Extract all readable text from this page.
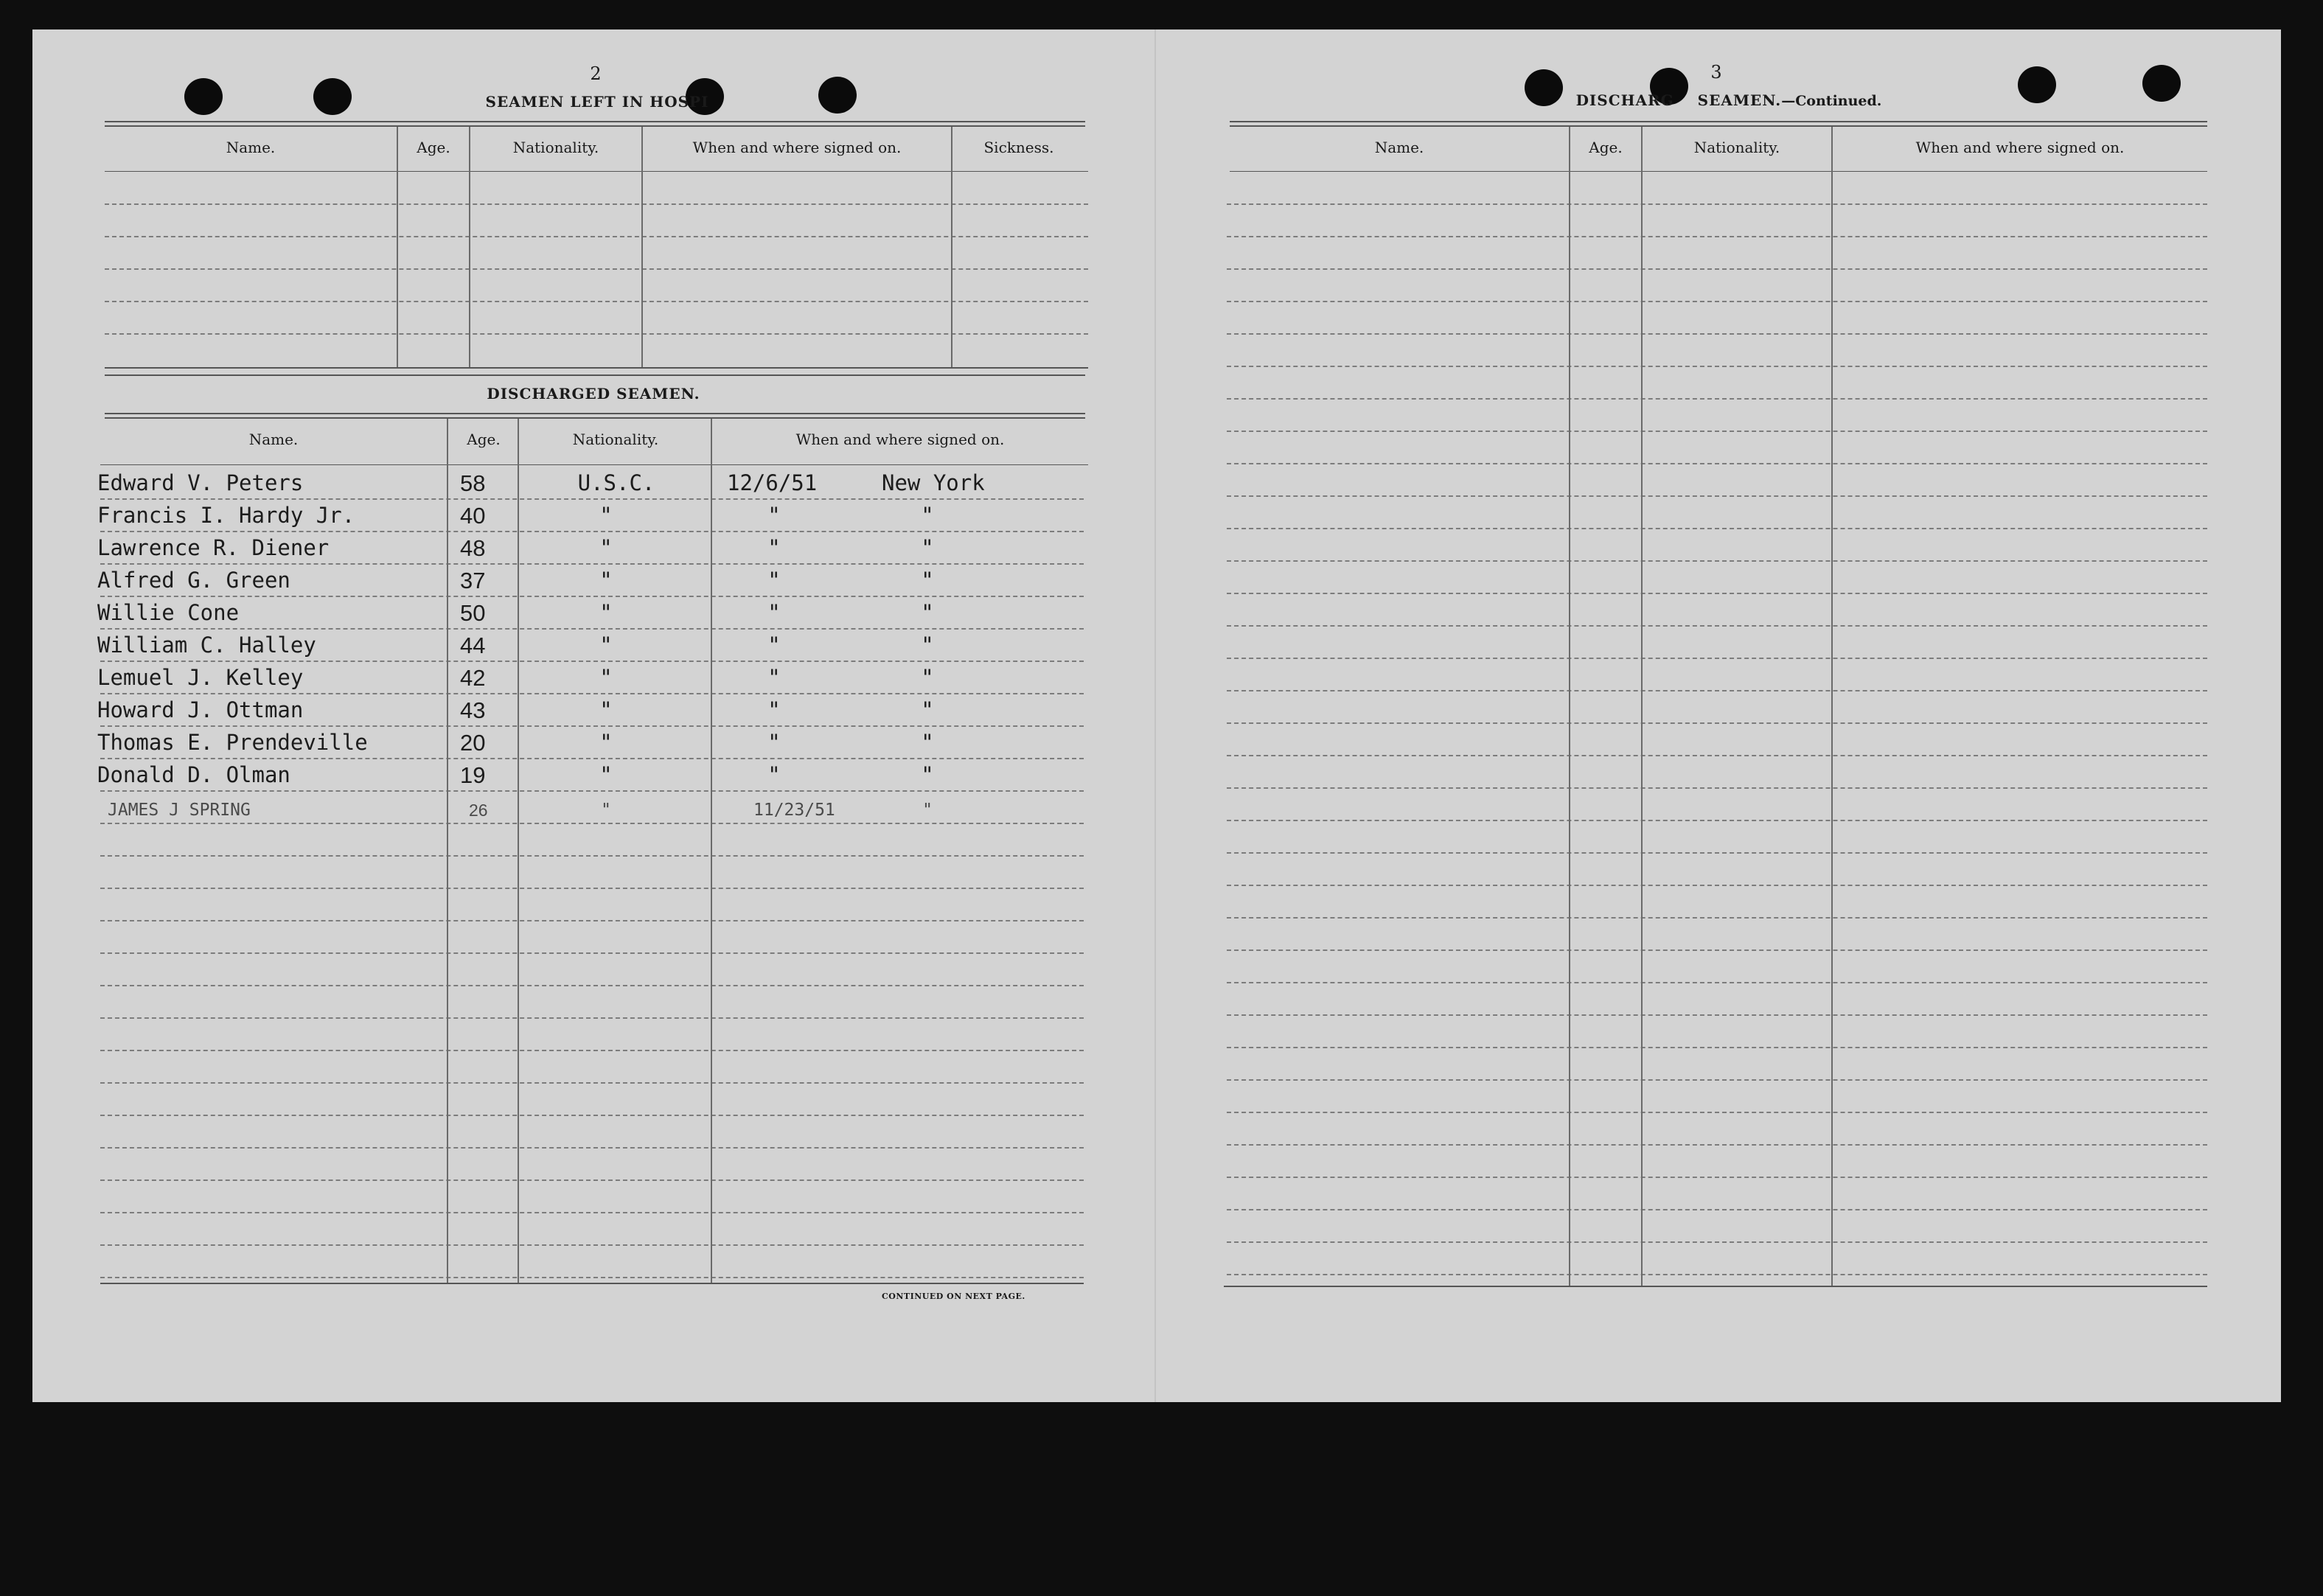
2
SEAMEN LEFT IN HOSPI
Name.	Age.	Nationality.	When and where signed on.	Sickness.
DISCHARGED SEAMEN.
Name.	Age.	Nationality.	When and where signed on.
Edward V. Peters	58	U.S.C.	12/6/51	New York
Francis I. Hardy Jr.	40	"	"	"
Lawrence R. Diener	48	"	"	"
Alfred G. Green	37	"	"	"
Willie Cone	50	"	"	"
William C. Halley	44	"	"	"
Lemuel J. Kelley	42	"	"	"
Howard J. Ottman	43	"	"	"
Thomas E. Prendeville	20	"	"	"
Donald D. Olman	19	"	"	"
JAMES J SPRING	26	"	11/23/51	"
CONTINUED ON NEXT PAGE.
3
DISCHARG SEAMEN.—Continued.
Name.	Age.	Nationality.	When and where signed on.
